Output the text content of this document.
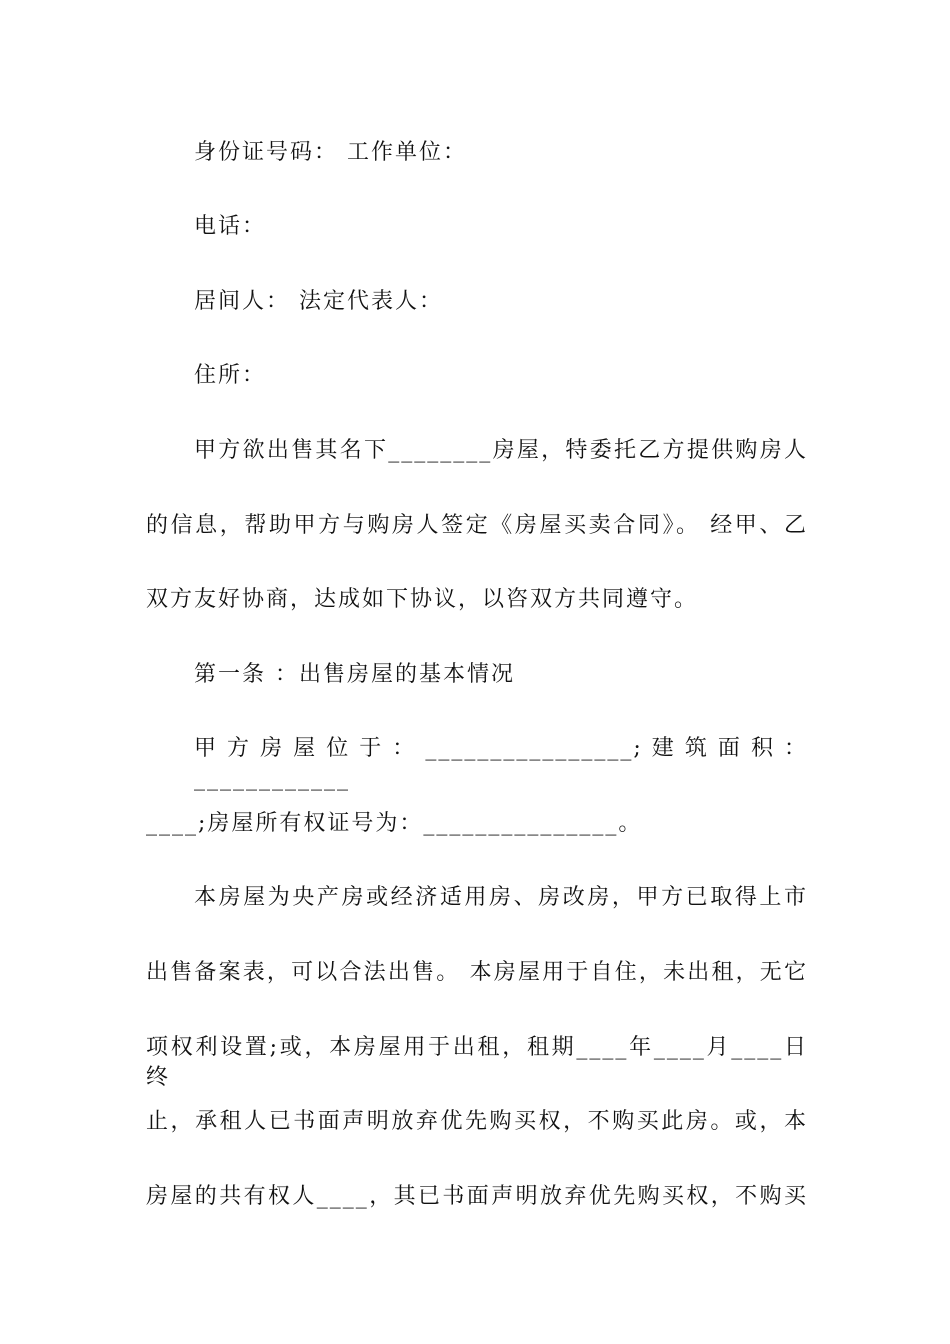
身份证号码： 工作单位：
电话：
居间人： 法定代表人：
住所：
甲方欲出售其名下________房屋，特委托乙方提供购房人
的信息，帮助甲方与购房人签定《房屋买卖合同》。 经甲、乙
双方友好协商，达成如下协议，以咨双方共同遵守。
第一条 ：出售房屋的基本情况
甲方房屋位于：________________;建筑面积：____________
____;房屋所有权证号为：_______________。
本房屋为央产房或经济适用房、房改房，甲方已取得上市
出售备案表，可以合法出售。 本房屋用于自住，未出租，无它
项权利设置;或，本房屋用于出租，租期____年____月____日终
止，承租人已书面声明放弃优先购买权，不购买此房。或，本
房屋的共有权人____，其已书面声明放弃优先购买权，不购买
